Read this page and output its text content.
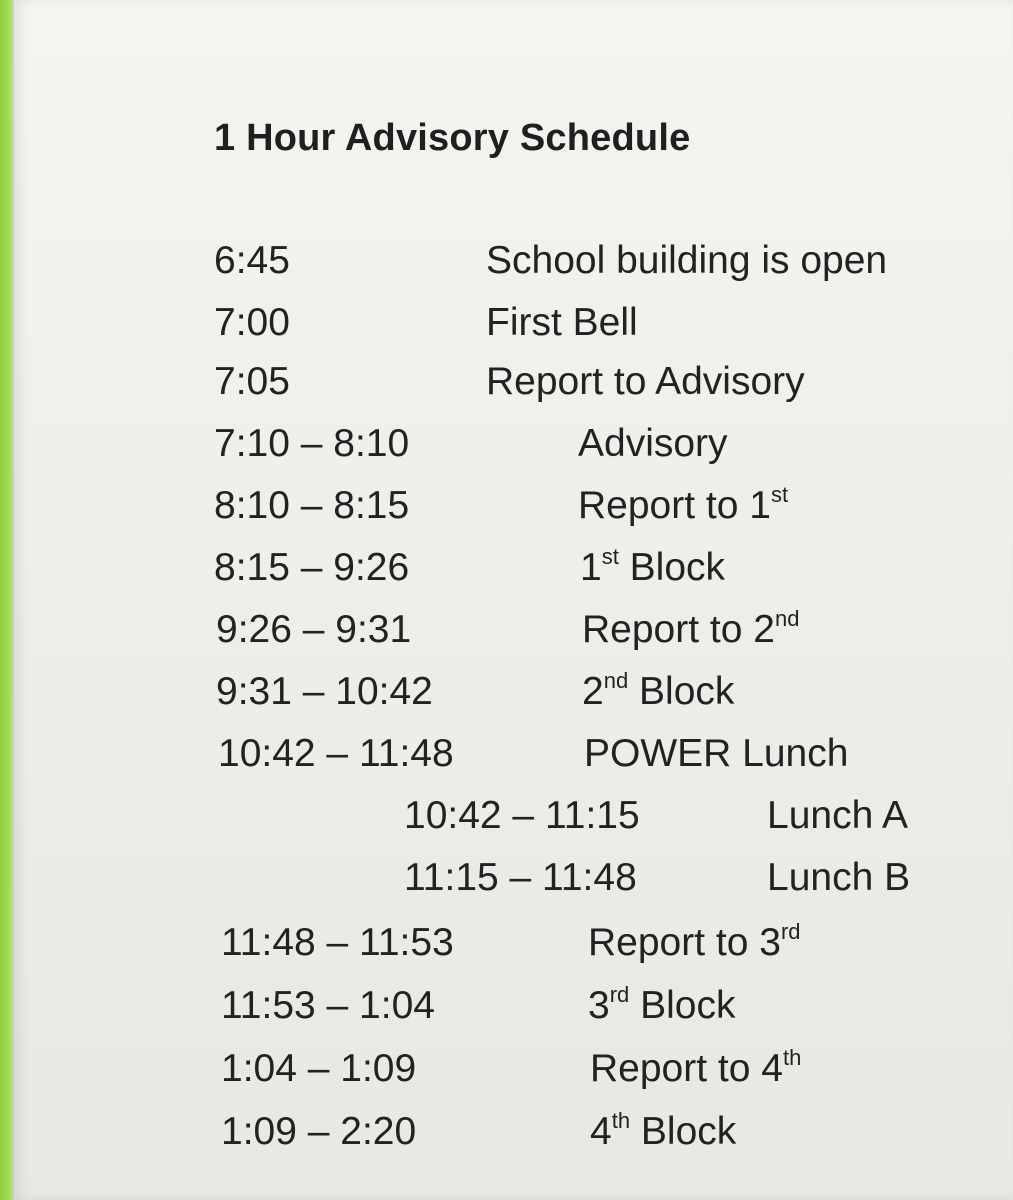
1 Hour Advisory Schedule
6:45	School building is open
7:00	First Bell
7:05	Report to Advisory
7:10 – 8:10	Advisory
8:10 – 8:15	Report to 1st
8:15 – 9:26	1st Block
9:26 – 9:31	Report to 2nd
9:31 – 10:42	2nd Block
10:42 – 11:48	POWER Lunch
10:42 – 11:15	Lunch A
11:15 – 11:48	Lunch B
11:48 – 11:53	Report to 3rd
11:53 – 1:04	3rd Block
1:04 – 1:09	Report to 4th
1:09 – 2:20	4th Block
